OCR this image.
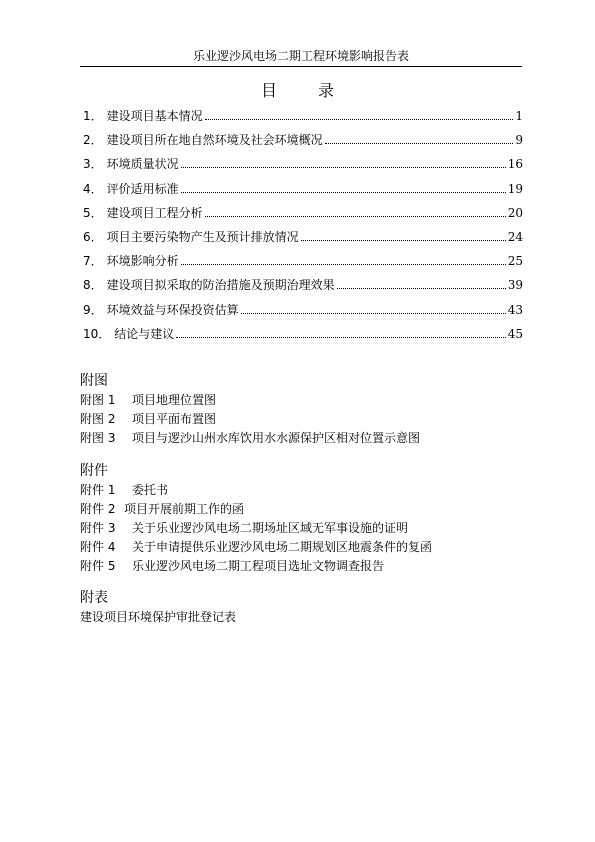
乐业逻沙风电场二期工程环境影响报告表
目 录
1． 建设项目基本情况	1
2． 建设项目所在地自然环境及社会环境概况	9
3． 环境质量状况	16
4． 评价适用标准	19
5． 建设项目工程分析	20
6． 项目主要污染物产生及预计排放情况	24
7． 环境影响分析	25
8． 建设项目拟采取的防治措施及预期治理效果	39
9． 环境效益与环保投资估算	43
10． 结论与建议	45
附图
附图 1	项目地理位置图
附图 2	项目平面布置图
附图 3	项目与逻沙山州水库饮用水水源保护区相对位置示意图
附件
附件 1	委托书
附件 2 项目开展前期工作的函
附件 3	关于乐业逻沙风电场二期场址区域无军事设施的证明
附件 4	关于申请提供乐业逻沙风电场二期规划区地震条件的复函
附件 5	乐业逻沙风电场二期工程项目选址文物调查报告
附表
建设项目环境保护审批登记表
